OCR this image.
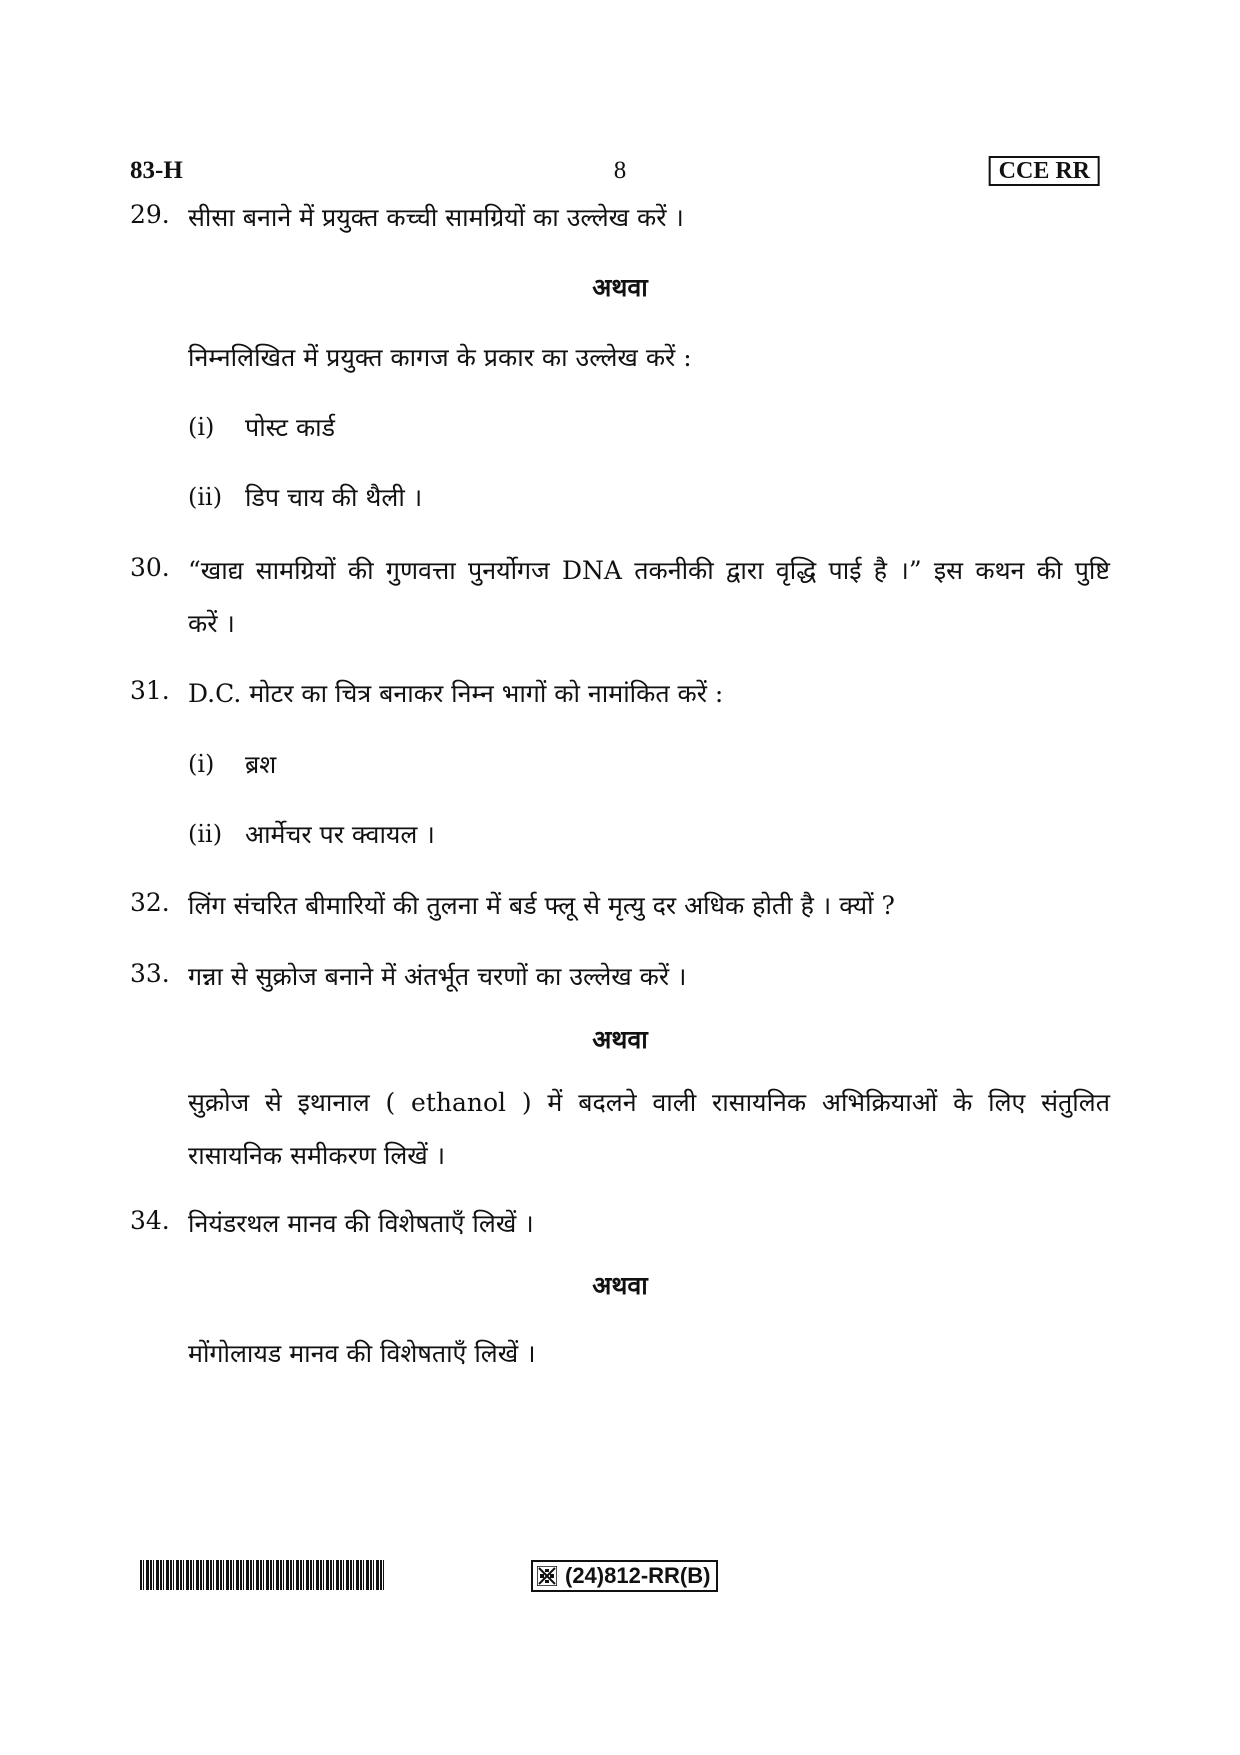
83-H	8	CCE RR
29. सीसा बनाने में प्रयुक्त कच्ची सामग्रियों का उल्लेख करें ।
अथवा
निम्नलिखित में प्रयुक्त कागज के प्रकार का उल्लेख करें :
(i) पोस्ट कार्ड
(ii) डिप चाय की थैली ।
30. “खाद्य सामग्रियों की गुणवत्ता पुनर्योगज DNA तकनीकी द्वारा वृद्धि पाई है ।” इस कथन की पुष्टि
करें ।
31. D.C. मोटर का चित्र बनाकर निम्न भागों को नामांकित करें :
(i) ब्रश
(ii) आर्मेचर पर क्वायल ।
32. लिंग संचरित बीमारियों की तुलना में बर्ड फ्लू से मृत्यु दर अधिक होती है । क्यों ?
33. गन्ना से सुक्रोज बनाने में अंतर्भूत चरणों का उल्लेख करें ।
अथवा
सुक्रोज से इथानाल ( ethanol ) में बदलने वाली रासायनिक अभिक्रियाओं के लिए संतुलित
रासायनिक समीकरण लिखें ।
34. नियंडरथल मानव की विशेषताएँ लिखें ।
अथवा
मोंगोलायड मानव की विशेषताएँ लिखें ।
(24)812-RR(B)
